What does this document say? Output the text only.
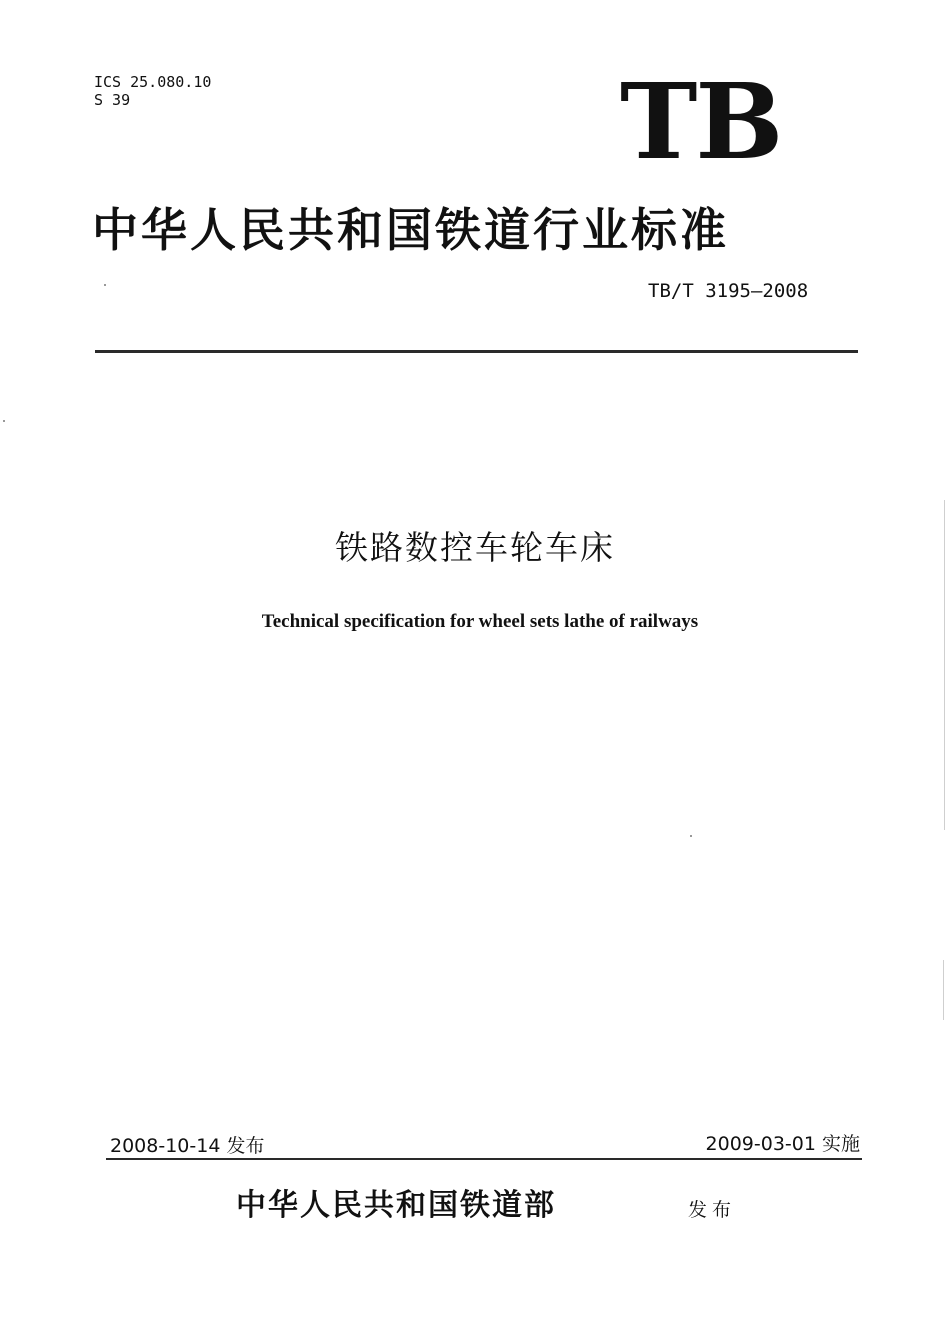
ICS 25.080.10
S 39	TB
中华人民共和国铁道行业标准
TB/T 3195—2008
铁路数控车轮车床
Technical specification for wheel sets lathe of railways
2008-10-14 发布	2009-03-01 实施
中华人民共和国铁道部	发布
